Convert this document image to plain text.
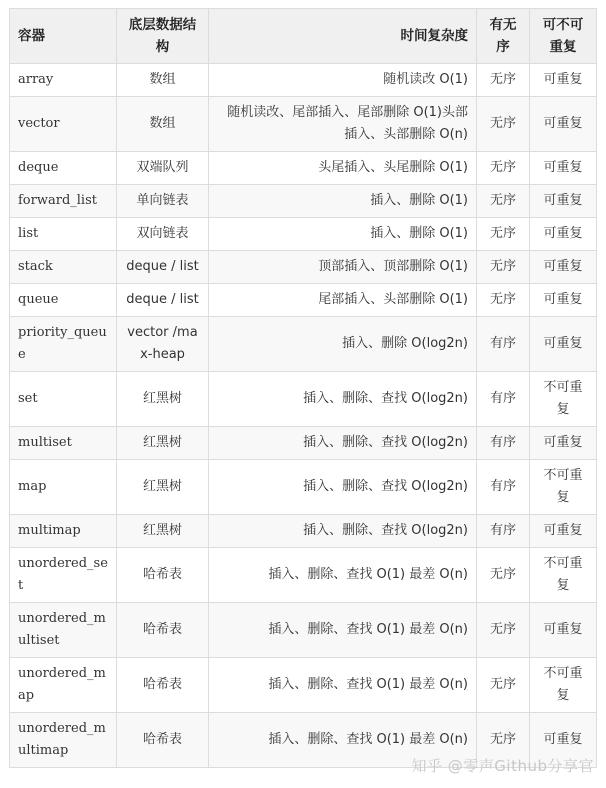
容器	底层数据结构	时间复杂度	有无序	可不可重复
array	数组	随机读改 O(1)	无序	可重复
vector	数组	随机读改、尾部插入、尾部删除 O(1)头部插入、头部删除 O(n)	无序	可重复
deque	双端队列	头尾插入、头尾删除 O(1)	无序	可重复
forward_list	单向链表	插入、删除 O(1)	无序	可重复
list	双向链表	插入、删除 O(1)	无序	可重复
stack	deque / list	顶部插入、顶部删除 O(1)	无序	可重复
queue	deque / list	尾部插入、头部删除 O(1)	无序	可重复
priority_queue	vector /max-heap	插入、删除 O(log2n)	有序	可重复
set	红黑树	插入、删除、查找 O(log2n)	有序	不可重复
multiset	红黑树	插入、删除、查找 O(log2n)	有序	可重复
map	红黑树	插入、删除、查找 O(log2n)	有序	不可重复
multimap	红黑树	插入、删除、查找 O(log2n)	有序	可重复
unordered_set	哈希表	插入、删除、查找 O(1) 最差 O(n)	无序	不可重复
unordered_multiset	哈希表	插入、删除、查找 O(1) 最差 O(n)	无序	可重复
unordered_map	哈希表	插入、删除、查找 O(1) 最差 O(n)	无序	不可重复
unordered_multimap	哈希表	插入、删除、查找 O(1) 最差 O(n)	无序	可重复
知乎 @零声Github分享官
